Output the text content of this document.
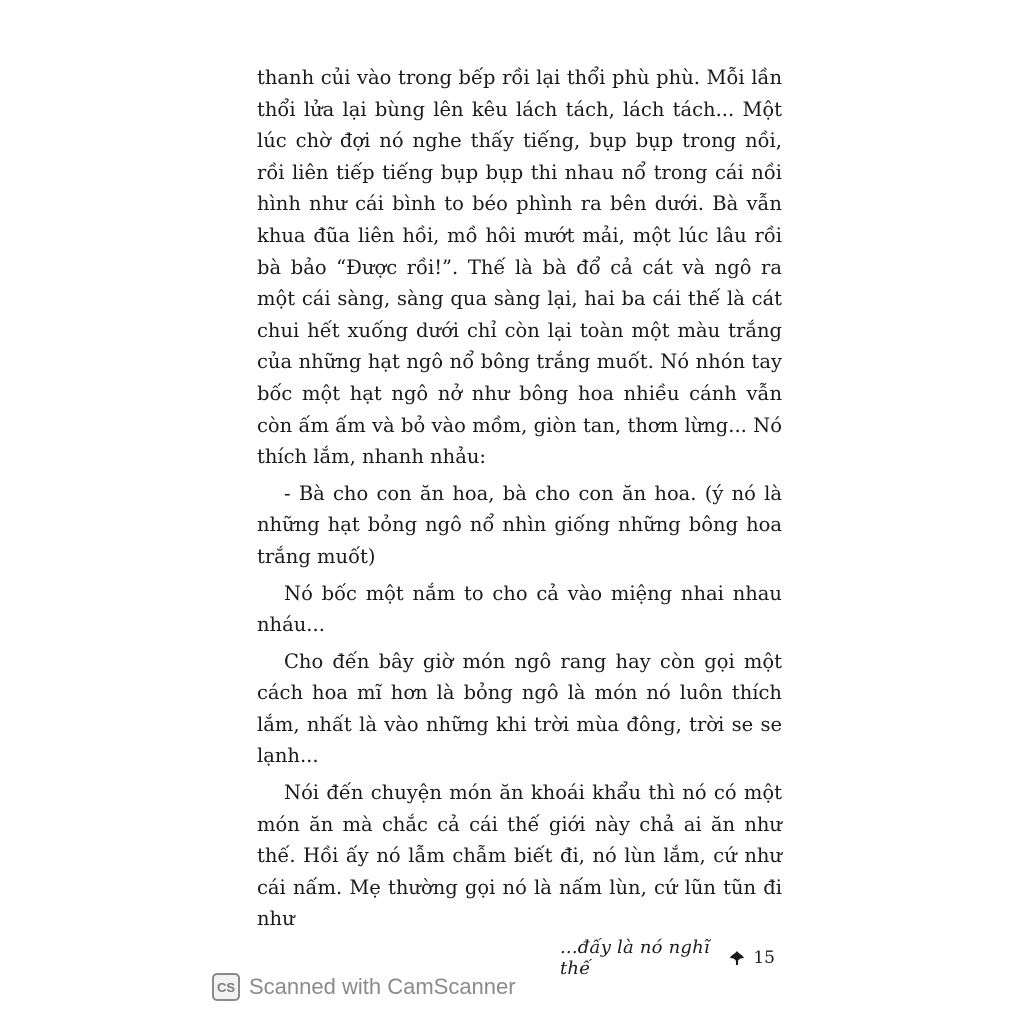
thanh củi vào trong bếp rồi lại thổi phù phù. Mỗi lần thổi lửa lại bùng lên kêu lách tách, lách tách... Một lúc chờ đợi nó nghe thấy tiếng, bụp bụp trong nồi, rồi liên tiếp tiếng bụp bụp thi nhau nổ trong cái nồi hình như cái bình to béo phình ra bên dưới. Bà vẫn khua đũa liên hồi, mồ hôi mướt mải, một lúc lâu rồi bà bảo “Được rồi!”. Thế là bà đổ cả cát và ngô ra một cái sàng, sàng qua sàng lại, hai ba cái thế là cát chui hết xuống dưới chỉ còn lại toàn một màu trắng của những hạt ngô nổ bông trắng muốt. Nó nhón tay bốc một hạt ngô nở như bông hoa nhiều cánh vẫn còn ấm ấm và bỏ vào mồm, giòn tan, thơm lừng... Nó thích lắm, nhanh nhảu:

- Bà cho con ăn hoa, bà cho con ăn hoa. (ý nó là những hạt bỏng ngô nổ nhìn giống những bông hoa trắng muốt)

Nó bốc một nắm to cho cả vào miệng nhai nhau nháu...

Cho đến bây giờ món ngô rang hay còn gọi một cách hoa mĩ hơn là bỏng ngô là món nó luôn thích lắm, nhất là vào những khi trời mùa đông, trời se se lạnh...

Nói đến chuyện món ăn khoái khẩu thì nó có một món ăn mà chắc cả cái thế giới này chả ai ăn như thế. Hồi ấy nó lẫm chẫm biết đi, nó lùn lắm, cứ như cái nấm. Mẹ thường gọi nó là nấm lùn, cứ lũn tũn đi như

...đấy là nó nghĩ thế	15
CS Scanned with CamScanner
